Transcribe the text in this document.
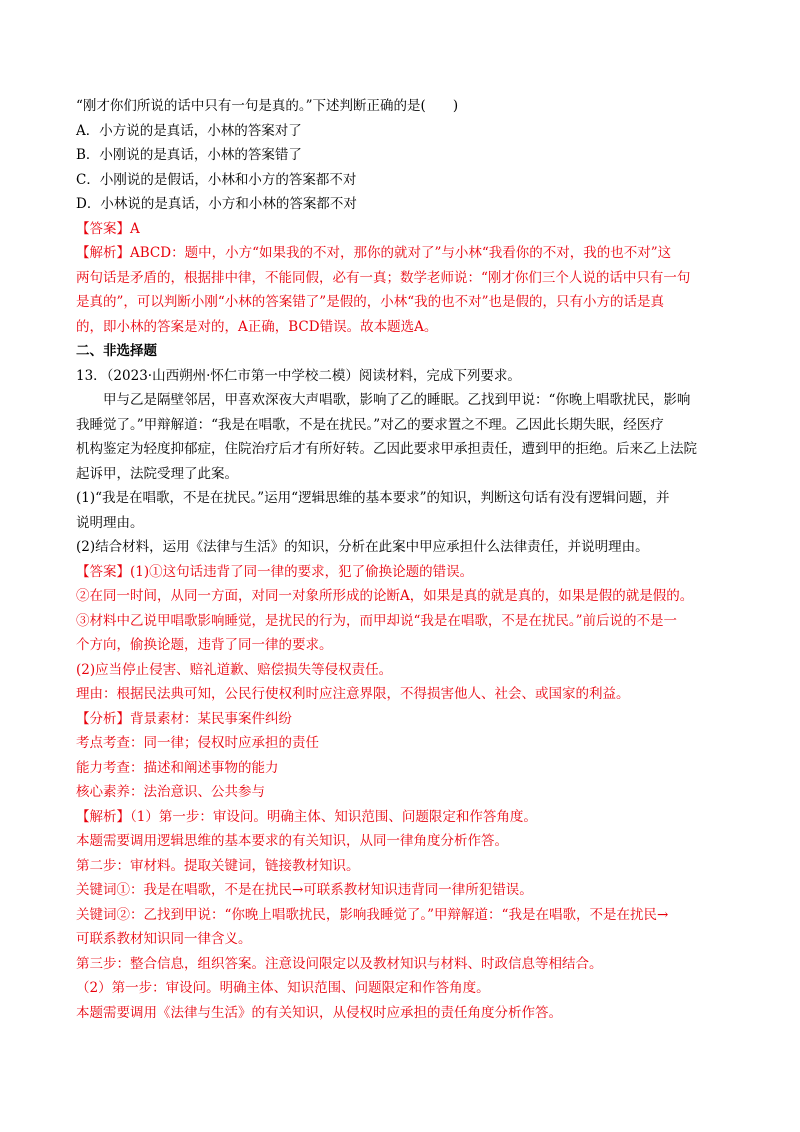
“刚才你们所说的话中只有一句是真的。”下述判断正确的是(　　)
A．小方说的是真话，小林的答案对了
B．小刚说的是真话，小林的答案错了
C．小刚说的是假话，小林和小方的答案都不对
D．小林说的是真话，小方和小林的答案都不对
【答案】A
【解析】ABCD：题中，小方“如果我的不对，那你的就对了”与小林“我看你的不对，我的也不对”这
两句话是矛盾的，根据排中律，不能同假，必有一真；数学老师说：“刚才你们三个人说的话中只有一句
是真的”，可以判断小刚“小林的答案错了”是假的，小林“我的也不对”也是假的，只有小方的话是真
的，即小林的答案是对的，A正确，BCD错误。故本题选A。
二、非选择题
13．（2023·山西朔州·怀仁市第一中学校二模）阅读材料，完成下列要求。
甲与乙是隔壁邻居，甲喜欢深夜大声唱歌，影响了乙的睡眠。乙找到甲说：“你晚上唱歌扰民，影响
我睡觉了。”甲辩解道：“我是在唱歌，不是在扰民。”对乙的要求置之不理。乙因此长期失眠，经医疗
机构鉴定为轻度抑郁症，住院治疗后才有所好转。乙因此要求甲承担责任，遭到甲的拒绝。后来乙上法院
起诉甲，法院受理了此案。
(1)“我是在唱歌，不是在扰民。”运用“逻辑思维的基本要求”的知识，判断这句话有没有逻辑问题，并
说明理由。
(2)结合材料，运用《法律与生活》的知识，分析在此案中甲应承担什么法律责任，并说明理由。
【答案】(1)①这句话违背了同一律的要求，犯了偷换论题的错误。
②在同一时间，从同一方面，对同一对象所形成的论断A，如果是真的就是真的，如果是假的就是假的。
③材料中乙说甲唱歌影响睡觉，是扰民的行为，而甲却说“我是在唱歌，不是在扰民。”前后说的不是一
个方向，偷换论题，违背了同一律的要求。
(2)应当停止侵害、赔礼道歉、赔偿损失等侵权责任。
理由：根据民法典可知，公民行使权利时应注意界限，不得损害他人、社会、或国家的利益。
【分析】背景素材：某民事案件纠纷
考点考查：同一律；侵权时应承担的责任
能力考查：描述和阐述事物的能力
核心素养：法治意识、公共参与
【解析】（1）第一步：审设问。明确主体、知识范围、问题限定和作答角度。
本题需要调用逻辑思维的基本要求的有关知识，从同一律角度分析作答。
第二步：审材料。提取关键词，链接教材知识。
关键词①：我是在唱歌，不是在扰民→可联系教材知识违背同一律所犯错误。
关键词②：乙找到甲说：“你晚上唱歌扰民，影响我睡觉了。”甲辩解道：“我是在唱歌，不是在扰民→
可联系教材知识同一律含义。
第三步：整合信息，组织答案。注意设问限定以及教材知识与材料、时政信息等相结合。
（2）第一步：审设问。明确主体、知识范围、问题限定和作答角度。
本题需要调用《法律与生活》的有关知识，从侵权时应承担的责任角度分析作答。
